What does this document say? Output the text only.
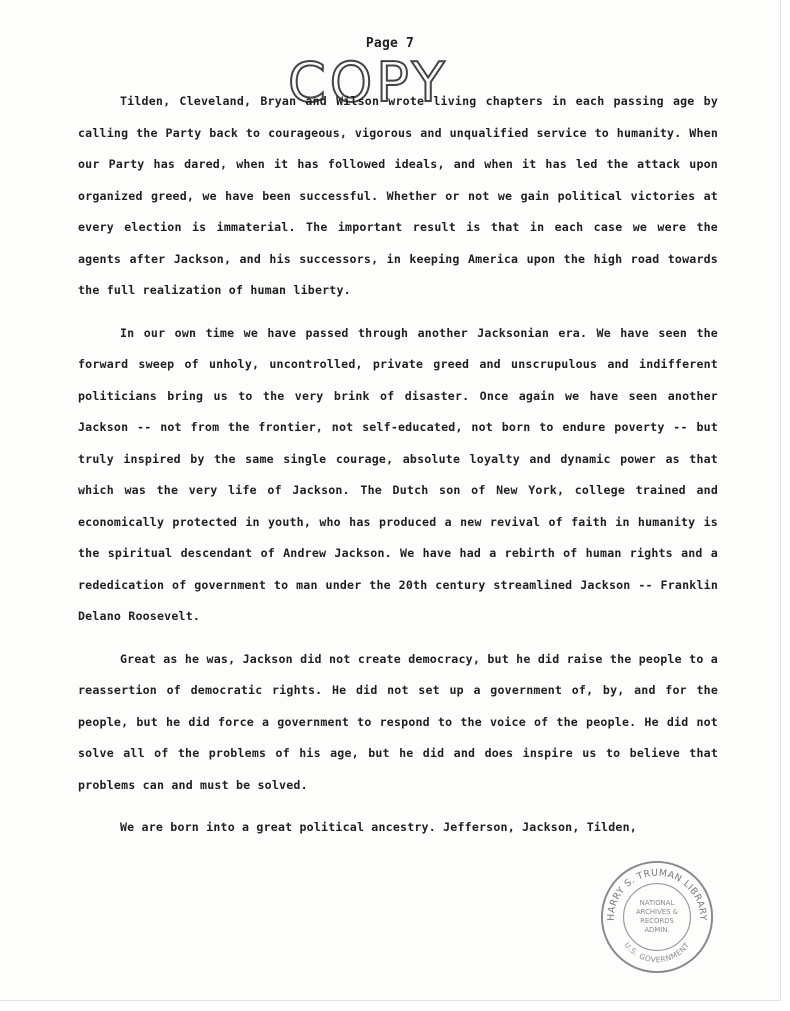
Page 7
COPY

Tilden, Cleveland, Bryan and Wilson wrote living chapters in each passing age by calling the Party back to courageous, vigorous and unqualified service to humanity. When our Party has dared, when it has followed ideals, and when it has led the attack upon organized greed, we have been successful. Whether or not we gain political victories at every election is immaterial. The important result is that in each case we were the agents after Jackson, and his successors, in keeping America upon the high road towards the full realization of human liberty.

In our own time we have passed through another Jacksonian era. We have seen the forward sweep of unholy, uncontrolled, private greed and unscrupulous and indifferent politicians bring us to the very brink of disaster. Once again we have seen another Jackson -- not from the frontier, not self-educated, not born to endure poverty -- but truly inspired by the same single courage, absolute loyalty and dynamic power as that which was the very life of Jackson. The Dutch son of New York, college trained and economically protected in youth, who has produced a new revival of faith in humanity is the spiritual descendant of Andrew Jackson. We have had a rebirth of human rights and a rededication of government to man under the 20th century streamlined Jackson -- Franklin Delano Roosevelt.

Great as he was, Jackson did not create democracy, but he did raise the people to a reassertion of democratic rights. He did not set up a government of, by, and for the people, but he did force a government to respond to the voice of the people. He did not solve all of the problems of his age, but he did and does inspire us to believe that problems can and must be solved.

We are born into a great political ancestry. Jefferson, Jackson, Tilden,

HARRY S. TRUMAN LIBRARY
U.S. GOVERNMENT
NATIONAL
ARCHIVES &
RECORDS
ADMIN.
